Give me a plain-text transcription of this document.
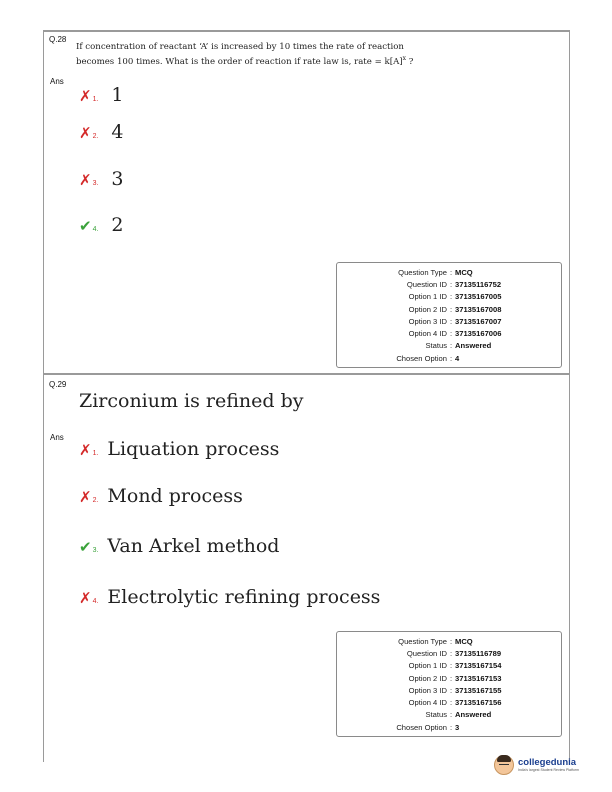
Q.28
If concentration of reactant ‘A’ is increased by 10 times the rate of reaction
becomes 100 times. What is the order of reaction if rate law is, rate = $k[A]^x$ ?
Ans
✗ 1. 1
✗ 2. 4
✗ 3. 3
✔ 4. 2
Question Type : MCQ
Question ID : 37135116752
Option 1 ID : 37135167005
Option 2 ID : 37135167008
Option 3 ID : 37135167007
Option 4 ID : 37135167006
Status : Answered
Chosen Option : 4
Q.29
Zirconium is refined by
Ans
✗ 1. Liquation process
✗ 2. Mond process
✔ 3. Van Arkel method
✗ 4. Electrolytic refining process
Question Type : MCQ
Question ID : 37135116789
Option 1 ID : 37135167154
Option 2 ID : 37135167153
Option 3 ID : 37135167155
Option 4 ID : 37135167156
Status : Answered
Chosen Option : 3
collegedunia
India's largest Student Review Platform
